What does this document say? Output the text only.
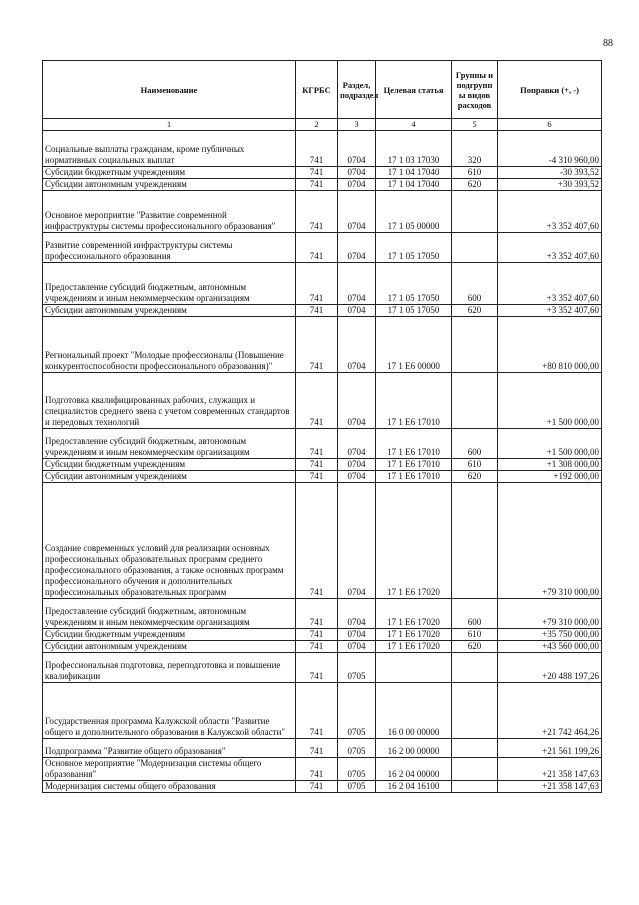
88
Наименование	КГРБС	Раздел, подраздел	Целевая статья	Группы и подгрупп ы видов расходов	Поправки (+, -)
1	2	3	4	5	6
Социальные выплаты гражданам, кроме публичных нормативных социальных выплат	741	0704	17 1 03 17030	320	-4 310 960,00
Субсидии бюджетным учреждениям	741	0704	17 1 04 17040	610	-30 393,52
Субсидии автономным учреждениям	741	0704	17 1 04 17040	620	+30 393,52
Основное мероприятие "Развитие современной инфраструктуры системы профессионального образования"	741	0704	17 1 05 00000		+3 352 407,60
Развитие современной инфраструктуры системы профессионального образования	741	0704	17 1 05 17050		+3 352 407,60
Предоставление субсидий бюджетным, автономным учреждениям и иным некоммерческим организациям	741	0704	17 1 05 17050	600	+3 352 407,60
Субсидии автономным учреждениям	741	0704	17 1 05 17050	620	+3 352 407,60
Региональный проект "Молодые профессионалы (Повышение конкурентоспособности профессионального образования)"	741	0704	17 1 Е6 00000		+80 810 000,00
Подготовка квалифицированных рабочих, служащих и специалистов среднего звена с учетом современных стандартов и передовых технологий	741	0704	17 1 Е6 17010		+1 500 000,00
Предоставление субсидий бюджетным, автономным учреждениям и иным некоммерческим организациям	741	0704	17 1 Е6 17010	600	+1 500 000,00
Субсидии бюджетным учреждениям	741	0704	17 1 Е6 17010	610	+1 308 000,00
Субсидии автономным учреждениям	741	0704	17 1 Е6 17010	620	+192 000,00
Создание современных условий для реализации основных профессиональных образовательных программ среднего профессионального образования, а также основных программ профессионального обучения и дополнительных профессиональных образовательных программ	741	0704	17 1 Е6 17020		+79 310 000,00
Предоставление субсидий бюджетным, автономным учреждениям и иным некоммерческим организациям	741	0704	17 1 Е6 17020	600	+79 310 000,00
Субсидии бюджетным учреждениям	741	0704	17 1 Е6 17020	610	+35 750 000,00
Субсидии автономным учреждениям	741	0704	17 1 Е6 17020	620	+43 560 000,00
Профессиональная подготовка, переподготовка и повышение квалификации	741	0705			+20 488 197,26
Государственная программа Калужской области "Развитие общего и дополнительного образования в Калужской области"	741	0705	16 0 00 00000		+21 742 464,26
Подпрограмма "Развитие общего образования"	741	0705	16 2 00 00000		+21 561 199,26
Основное мероприятие "Модернизация системы общего образования"	741	0705	16 2 04 00000		+21 358 147,63
Модернизация системы общего образования	741	0705	16 2 04 16100		+21 358 147,63
